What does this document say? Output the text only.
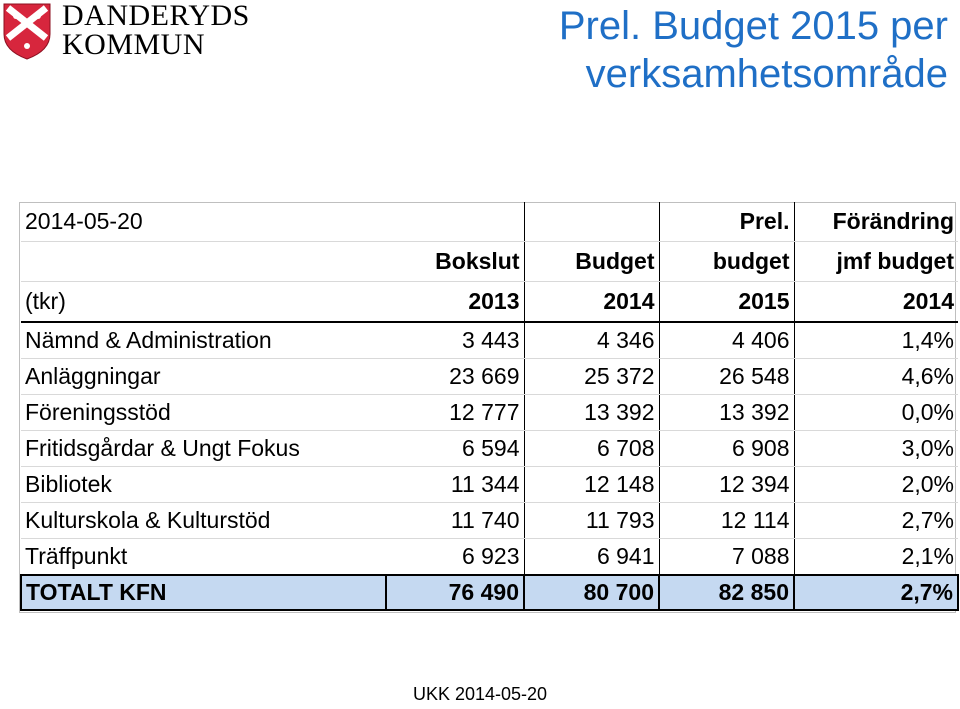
DANDERYDS
KOMMUN	Prel. Budget 2015 per
verksamhetsområde
2014-05-20			Prel.	Förändring
	Bokslut	Budget	budget	jmf budget
(tkr)	2013	2014	2015	2014
Nämnd & Administration	3 443	4 346	4 406	1,4%
Anläggningar	23 669	25 372	26 548	4,6%
Föreningsstöd	12 777	13 392	13 392	0,0%
Fritidsgårdar & Ungt Fokus	6 594	6 708	6 908	3,0%
Bibliotek	11 344	12 148	12 394	2,0%
Kulturskola & Kulturstöd	11 740	11 793	12 114	2,7%
Träffpunkt	6 923	6 941	7 088	2,1%
TOTALT KFN	76 490	80 700	82 850	2,7%
UKK 2014-05-20
